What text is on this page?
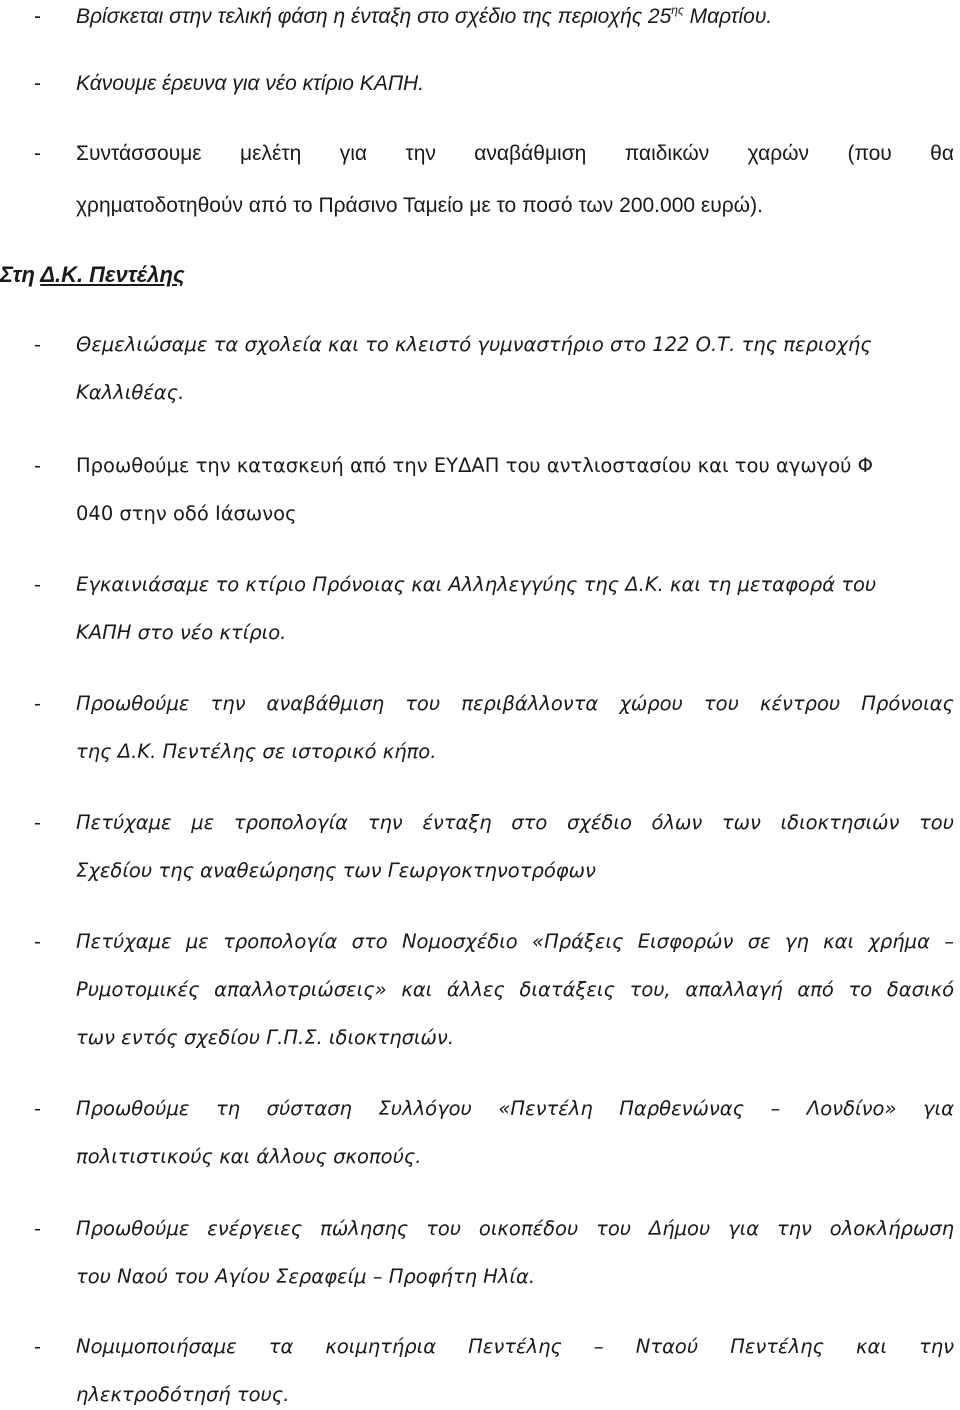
- Βρίσκεται στην τελική φάση η ένταξη στο σχέδιο της περιοχής $25^{\eta\varsigma}$ Μαρτίου.
- Κάνουμε έρευνα για νέο κτίριο ΚΑΠΗ.
- Συντάσσουμε μελέτη για την αναβάθμιση παιδικών χαρών (που θα
χρηματοδοτηθούν από το Πράσινο Ταμείο με το ποσό των 200.000 ευρώ).
Στη Δ.Κ. Πεντέλης
- Θεμελιώσαμε τα σχολεία και το κλειστό γυμναστήριο στο 122 Ο.Τ. της περιοχής
Καλλιθέας.
- Προωθούμε την κατασκευή από την ΕΥΔΑΠ του αντλιοστασίου και του αγωγού Φ
040 στην οδό Ιάσωνος
- Εγκαινιάσαμε το κτίριο Πρόνοιας και Αλληλεγγύης της Δ.Κ. και τη μεταφορά του
ΚΑΠΗ στο νέο κτίριο.
- Προωθούμε την αναβάθμιση του περιβάλλοντα χώρου του κέντρου Πρόνοιας
της Δ.Κ. Πεντέλης σε ιστορικό κήπο.
- Πετύχαμε με τροπολογία την ένταξη στο σχέδιο όλων των ιδιοκτησιών του
Σχεδίου της αναθεώρησης των Γεωργοκτηνοτρόφων
- Πετύχαμε με τροπολογία στο Νομοσχέδιο «Πράξεις Εισφορών σε γη και χρήμα –
Ρυμοτομικές απαλλοτριώσεις» και άλλες διατάξεις του, απαλλαγή από το δασικό
των εντός σχεδίου Γ.Π.Σ. ιδιοκτησιών.
- Προωθούμε τη σύσταση Συλλόγου «Πεντέλη Παρθενώνας – Λονδίνο» για
πολιτιστικούς και άλλους σκοπούς.
- Προωθούμε ενέργειες πώλησης του οικοπέδου του Δήμου για την ολοκλήρωση
του Ναού του Αγίου Σεραφείμ – Προφήτη Ηλία.
- Νομιμοποιήσαμε τα κοιμητήρια Πεντέλης – Νταού Πεντέλης και την
ηλεκτροδότησή τους.
